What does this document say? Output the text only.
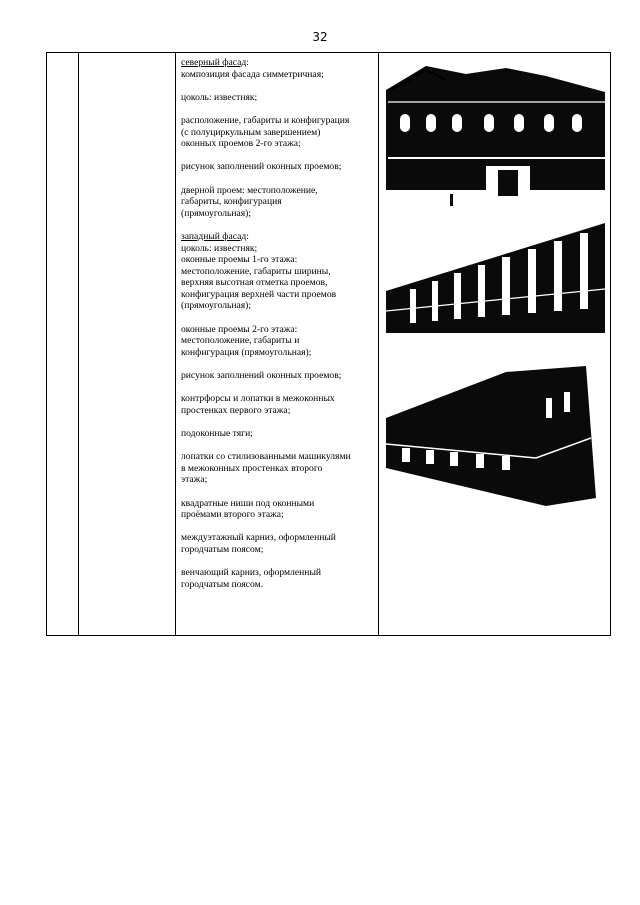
32

северный фасад:
композиция фасада симметричная;
цоколь: известняк;
расположение, габариты и конфигурация
(с полуциркульным завершением)
оконных проемов 2-го этажа;
рисунок заполнений оконных проемов;
дверной проем: местоположение,
габариты, конфигурация
(прямоугольная);
западный фасад:
цоколь: известняк;
оконные проемы 1-го этажа:
местоположение, габариты ширины,
верхняя высотная отметка проемов,
конфигурация верхней части проемов
(прямоугольная);
оконные проемы 2-го этажа:
местоположение, габариты и
конфигурация (прямоугольная);
рисунок заполнений оконных проемов;
контрфорсы и лопатки в межоконных
простенках первого этажа;
подоконные тяги;
лопатки со стилизованными машикулями
в межоконных простенках второго
этажа;
квадратные ниши под оконными
проёмами второго этажа;
междуэтажный карниз, оформленный
городчатым поясом;
венчающий карниз, оформленный
городчатым поясом.
